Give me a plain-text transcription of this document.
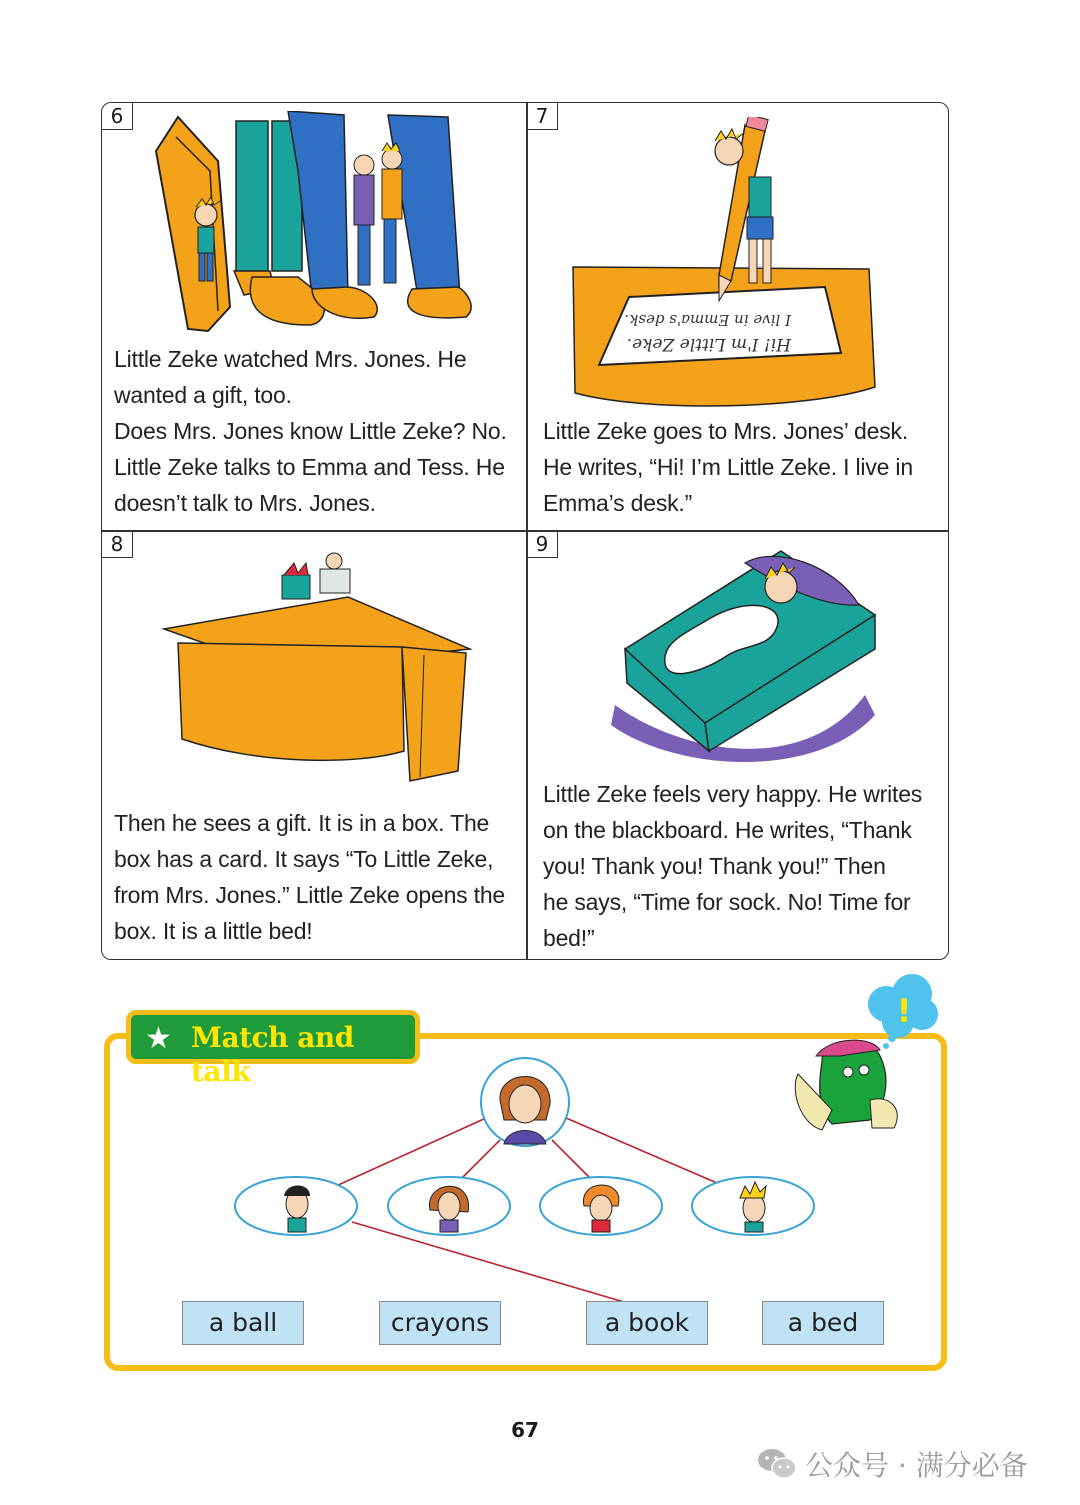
6
Little Zeke watched Mrs. Jones. He
wanted a gift, too.
Does Mrs. Jones know Little Zeke? No.
Little Zeke talks to Emma and Tess. He
doesn’t talk to Mrs. Jones.
7
Hi! I'm Little Zeke.
I live in Emma's desk.
Little Zeke goes to Mrs. Jones’ desk.
He writes, “Hi! I’m Little Zeke. I live in
Emma’s desk.”
8
Then he sees a gift. It is in a box. The
box has a card. It says “To Little Zeke,
from Mrs. Jones.” Little Zeke opens the
box. It is a little bed!
9
Little Zeke feels very happy. He writes
on the blackboard. He writes, “Thank
you! Thank you! Thank you!” Then
he says, “Time for sock. No! Time for
bed!”
★ Match and talk
!
a ball	crayons	a book	a bed
67
公众号 · 满分必备
